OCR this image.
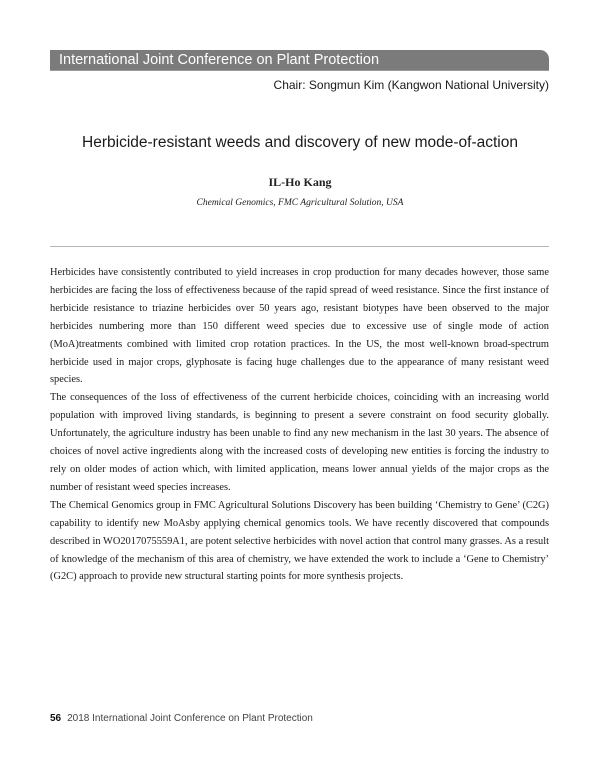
International Joint Conference on Plant Protection
Chair: Songmun Kim (Kangwon National University)
Herbicide-resistant weeds and discovery of new mode-of-action
IL-Ho Kang
Chemical Genomics, FMC Agricultural Solution, USA

Herbicides have consistently contributed to yield increases in crop production for many decades however, those same herbicides are facing the loss of effectiveness because of the rapid spread of weed resistance. Since the first instance of herbicide resistance to triazine herbicides over 50 years ago, resistant biotypes have been observed to the major herbicides numbering more than 150 different weed species due to excessive use of single mode of action (MoA)treatments combined with limited crop rotation practices. In the US, the most well-known broad-spectrum herbicide used in major crops, glyphosate is facing huge challenges due to the appearance of many resistant weed species.

The consequences of the loss of effectiveness of the current herbicide choices, coinciding with an increasing world population with improved living standards, is beginning to present a severe constraint on food security globally. Unfortunately, the agriculture industry has been unable to find any new mechanism in the last 30 years. The absence of choices of novel active ingredients along with the increased costs of developing new entities is forcing the industry to rely on older modes of action which, with limited application, means lower annual yields of the major crops as the number of resistant weed species increases.

The Chemical Genomics group in FMC Agricultural Solutions Discovery has been building ‘Chemistry to Gene’ (C2G) capability to identify new MoAsby applying chemical genomics tools. We have recently discovered that compounds described in WO2017075559A1, are potent selective herbicides with novel action that control many grasses. As a result of knowledge of the mechanism of this area of chemistry, we have extended the work to include a ‘Gene to Chemistry’ (G2C) approach to provide new structural starting points for more synthesis projects.

56 2018 International Joint Conference on Plant Protection
